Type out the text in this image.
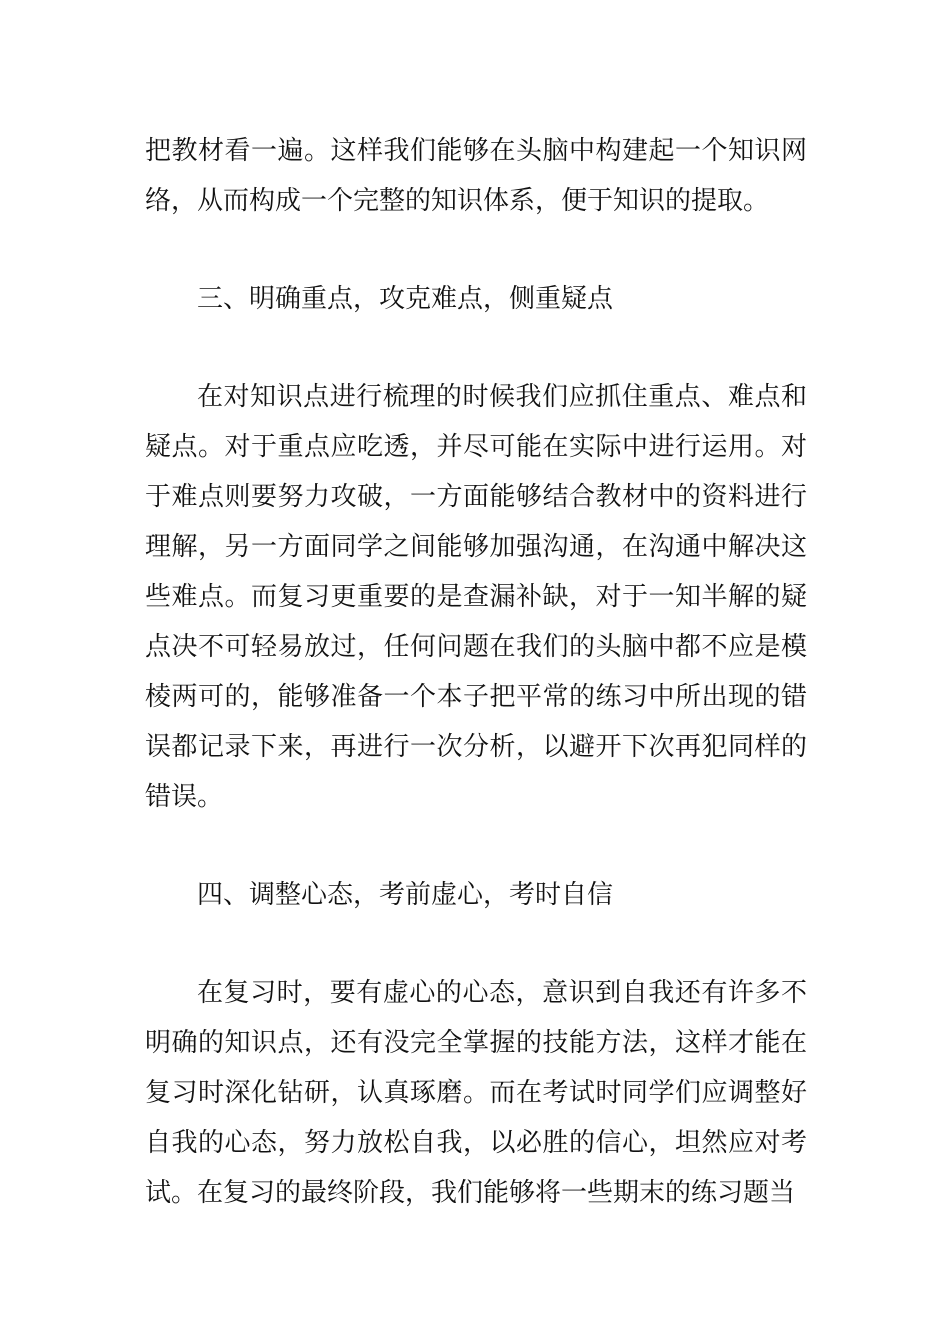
把教材看一遍。这样我们能够在头脑中构建起一个知识网络，从而构成一个完整的知识体系，便于知识的提取。

三、明确重点，攻克难点，侧重疑点

在对知识点进行梳理的时候我们应抓住重点、难点和疑点。对于重点应吃透，并尽可能在实际中进行运用。对于难点则要努力攻破，一方面能够结合教材中的资料进行理解，另一方面同学之间能够加强沟通，在沟通中解决这些难点。而复习更重要的是查漏补缺，对于一知半解的疑点决不可轻易放过，任何问题在我们的头脑中都不应是模棱两可的，能够准备一个本子把平常的练习中所出现的错误都记录下来，再进行一次分析，以避开下次再犯同样的错误。

四、调整心态，考前虚心，考时自信

在复习时，要有虚心的心态，意识到自我还有许多不明确的知识点，还有没完全掌握的技能方法，这样才能在复习时深化钻研，认真琢磨。而在考试时同学们应调整好自我的心态，努力放松自我，以必胜的信心，坦然应对考试。在复习的最终阶段，我们能够将一些期末的练习题当
